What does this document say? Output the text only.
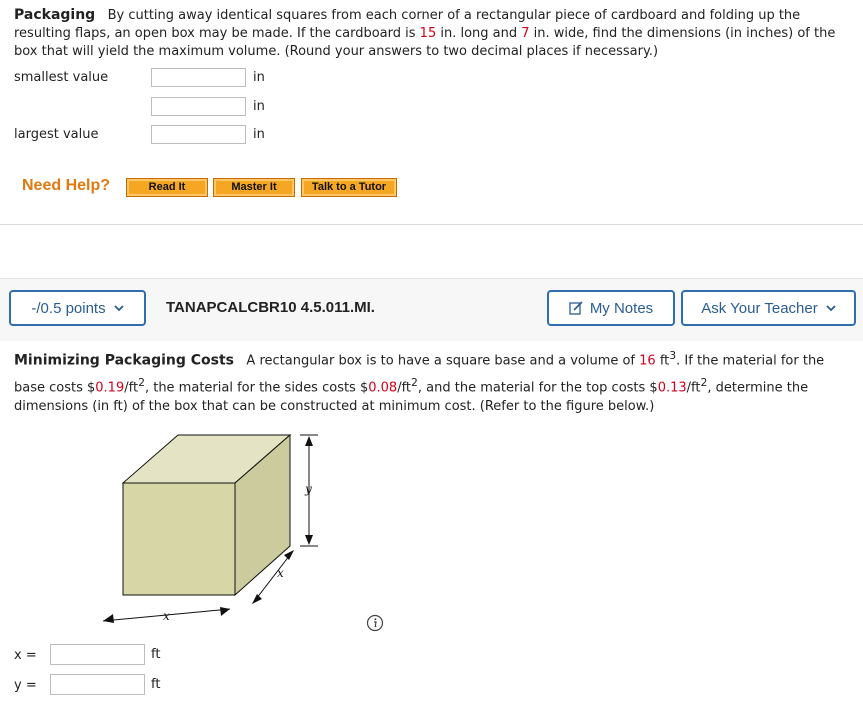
Packaging By cutting away identical squares from each corner of a rectangular piece of cardboard and folding up the
resulting flaps, an open box may be made. If the cardboard is 15 in. long and 7 in. wide, find the dimensions (in inches) of the
box that will yield the maximum volume. (Round your answers to two decimal places if necessary.)
smallest value	in
in
largest value	in
Need Help?	Read It	Master It	Talk to a Tutor
-/0.5 points	TANAPCALCBR10 4.5.011.MI.	My Notes	Ask Your Teacher
Minimizing Packaging Costs A rectangular box is to have a square base and a volume of 16 $ft^3$. If the material for the
base costs $\$0.19/ft^2$, the material for the sides costs $\$0.08/ft^2$, and the material for the top costs $\$0.13/ft^2$, determine the
dimensions (in ft) of the box that can be constructed at minimum cost. (Refer to the figure below.)
y
x
x
x =	ft
y =	ft
